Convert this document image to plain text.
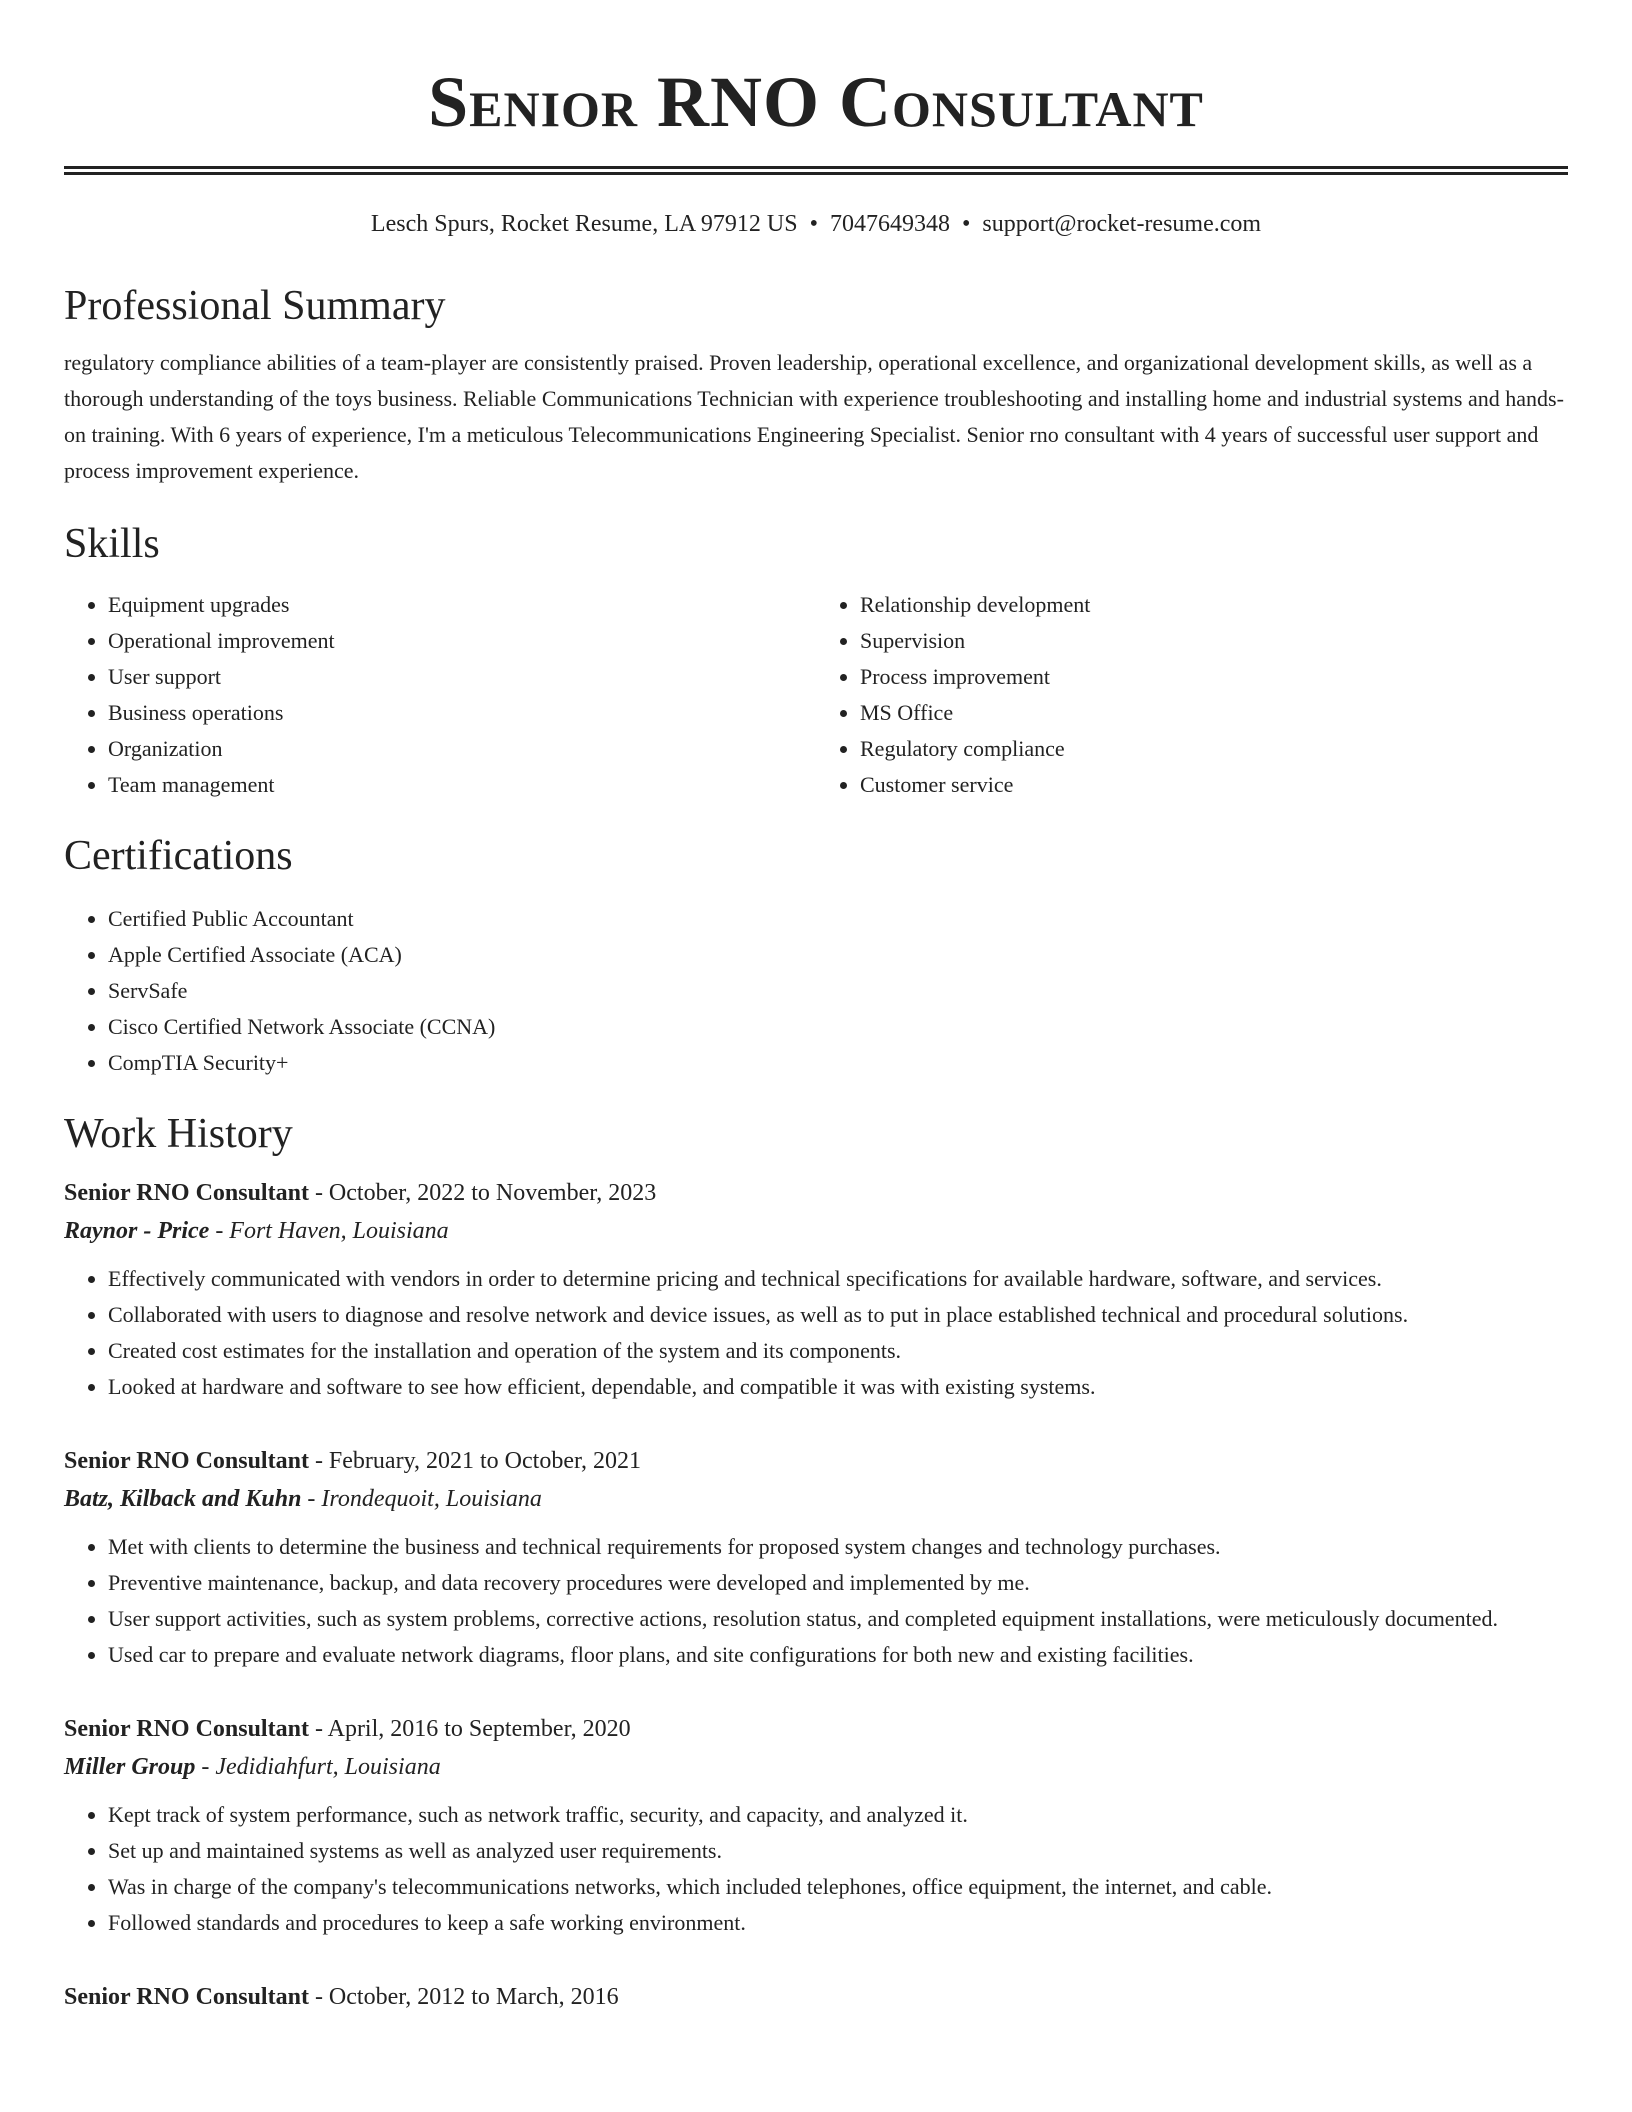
Senior RNO Consultant
Lesch Spurs, Rocket Resume, LA 97912 US • 7047649348 • support@rocket-resume.com
Professional Summary

regulatory compliance abilities of a team-player are consistently praised. Proven leadership, operational excellence, and organizational development skills, as well as a thorough understanding of the toys business. Reliable Communications Technician with experience troubleshooting and installing home and industrial systems and hands-on training. With 6 years of experience, I'm a meticulous Telecommunications Engineering Specialist. Senior rno consultant with 4 years of successful user support and process improvement experience.

Skills
• Equipment upgrades
• Operational improvement
• User support
• Business operations
• Organization
• Team management
• Relationship development
• Supervision
• Process improvement
• MS Office
• Regulatory compliance
• Customer service
Certifications
• Certified Public Accountant
• Apple Certified Associate (ACA)
• ServSafe
• Cisco Certified Network Associate (CCNA)
• CompTIA Security+
Work History
Senior RNO Consultant - October, 2022 to November, 2023
Raynor - Price - Fort Haven, Louisiana
• Effectively communicated with vendors in order to determine pricing and technical specifications for available hardware, software, and services.
• Collaborated with users to diagnose and resolve network and device issues, as well as to put in place established technical and procedural solutions.
• Created cost estimates for the installation and operation of the system and its components.
• Looked at hardware and software to see how efficient, dependable, and compatible it was with existing systems.
Senior RNO Consultant - February, 2021 to October, 2021
Batz, Kilback and Kuhn - Irondequoit, Louisiana
• Met with clients to determine the business and technical requirements for proposed system changes and technology purchases.
• Preventive maintenance, backup, and data recovery procedures were developed and implemented by me.
• User support activities, such as system problems, corrective actions, resolution status, and completed equipment installations, were meticulously documented.
• Used car to prepare and evaluate network diagrams, floor plans, and site configurations for both new and existing facilities.
Senior RNO Consultant - April, 2016 to September, 2020
Miller Group - Jedidiahfurt, Louisiana
• Kept track of system performance, such as network traffic, security, and capacity, and analyzed it.
• Set up and maintained systems as well as analyzed user requirements.
• Was in charge of the company's telecommunications networks, which included telephones, office equipment, the internet, and cable.
• Followed standards and procedures to keep a safe working environment.
Senior RNO Consultant - October, 2012 to March, 2016
